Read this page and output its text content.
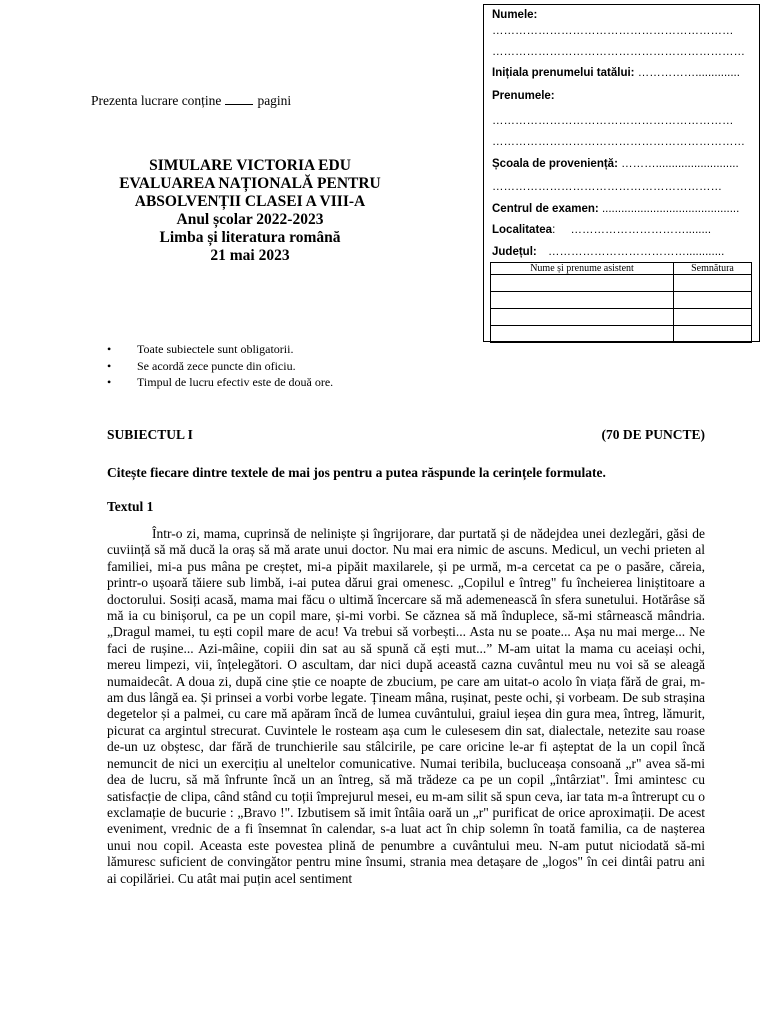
Numele:
………………………………………………………
…………………………………………………………
Inițiala prenumelui tatălui: ……………..............
Prenumele:
………………………………………………………
…………………………………………………………
Școala de proveniență: ………..........................
……………………………………………………
Centrul de examen: ...........................................
Localitatea: …………………………........
Județul: ………………………………............
Nume și prenume asistent	Semnătura

Prezenta lucrare conține	pagini
SIMULARE VICTORIA EDU
EVALUAREA NAȚIONALĂ PENTRU
ABSOLVENȚII CLASEI A VIII-A
Anul școlar 2022-2023
Limba și literatura română
21 mai 2023
• Toate subiectele sunt obligatorii.
• Se acordă zece puncte din oficiu.
• Timpul de lucru efectiv este de două ore.
SUBIECTUL I	(70 DE PUNCTE)
Citește fiecare dintre textele de mai jos pentru a putea răspunde la cerințele formulate.
Textul 1
Într-o zi, mama, cuprinsă de neliniște și îngrijorare, dar purtată și de nădejdea unei dezlegări, găsi de cuviință să mă ducă la oraș să mă arate unui doctor. Nu mai era nimic de ascuns. Medicul, un vechi prieten al familiei, mi-a pus mâna pe creștet, mi-a pipăit maxilarele, și pe urmă, m-a cercetat ca pe o pasăre, căreia, printr-o ușoară tăiere sub limbă, i-ai putea dărui grai omenesc. „Copilul e întreg" fu încheierea liniștitoare a doctorului. Sosiți acasă, mama mai făcu o ultimă încercare să mă ademenească în sfera sunetului. Hotărâse să mă ia cu binișorul, ca pe un copil mare, și-mi vorbi. Se căznea să mă înduplece, să-mi stârnească mândria. „Dragul mamei, tu ești copil mare de acu! Va trebui să vorbești... Asta nu se poate... Așa nu mai merge... Ne faci de rușine... Azi-mâine, copiii din sat au să spună că ești mut...” M-am uitat la mama cu aceiași ochi, mereu limpezi, vii, înțelegători. O ascultam, dar nici după această cazna cuvântul meu nu voi să se aleagă numaidecât. A doua zi, după cine știe ce noapte de zbucium, pe care am uitat-o acolo în viața fără de grai, m-am dus lângă ea. Și prinsei a vorbi vorbe legate. Țineam mâna, rușinat, peste ochi, și vorbeam. De sub strașina degetelor și a palmei, cu care mă apăram încă de lumea cuvântului, graiul ieșea din gura mea, întreg, lămurit, picurat ca argintul strecurat. Cuvintele le rosteam așa cum le culesesem din sat, dialectale, netezite sau roase de-un uz obștesc, dar fără de trunchierile sau stâlcirile, pe care oricine le-ar fi așteptat de la un copil încă nemuncit de nici un exercițiu al uneltelor comunicative. Numai teribila, bucluceașa consoană „r" avea să-mi dea de lucru, să mă înfrunte încă un an întreg, să mă trădeze ca pe un copil „întârziat". Îmi amintesc cu satisfacție de clipa, când stând cu toții împrejurul mesei, eu m-am silit să spun ceva, iar tata m-a întrerupt cu o exclamație de bucurie : „Bravo !". Izbutisem să imit întâia oară un „r" purificat de orice aproximații. De acest eveniment, vrednic de a fi însemnat în calendar, s-a luat act în chip solemn în toată familia, ca de nașterea unui nou copil. Aceasta este povestea plină de penumbre a cuvântului meu. N-am putut niciodată să-mi lămuresc suficient de convingător pentru mine însumi, strania mea detașare de „logos" în cei dintâi patru ani ai copilăriei. Cu atât mai puțin acel sentiment
